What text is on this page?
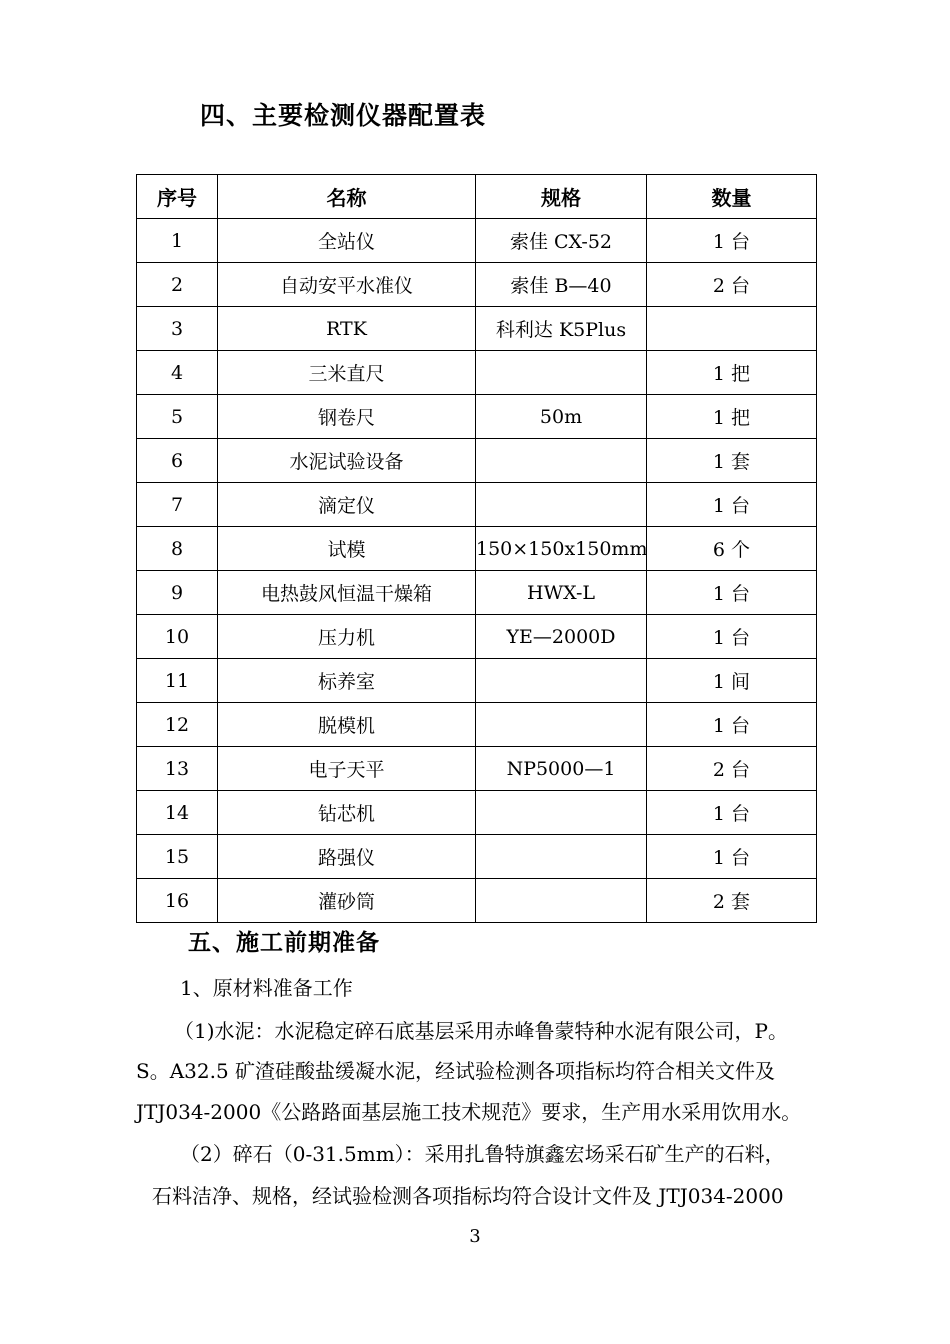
四、主要检测仪器配置表
序号	名称	规格	数量
1	全站仪	索佳 CX-52	1 台
2	自动安平水准仪	索佳 B—40	2 台
3	RTK	科利达 K5Plus	
4	三米直尺		1 把
5	钢卷尺	50m	1 把
6	水泥试验设备		1 套
7	滴定仪		1 台
8	试模	150×150x150mm	6 个
9	电热鼓风恒温干燥箱	HWX-L	1 台
10	压力机	YE—2000D	1 台
11	标养室		1 间
12	脱模机		1 台
13	电子天平	NP5000—1	2 台
14	钻芯机		1 台
15	路强仪		1 台
16	灌砂筒		2 套
五、施工前期准备
1、原材料准备工作
（1)水泥：水泥稳定碎石底基层采用赤峰鲁蒙特种水泥有限公司，P。
S。A32.5 矿渣硅酸盐缓凝水泥，经试验检测各项指标均符合相关文件及
JTJ034-2000《公路路面基层施工技术规范》要求，生产用水采用饮用水。
（2）碎石（0-31.5mm）：采用扎鲁特旗鑫宏场采石矿生产的石料，
石料洁净、规格，经试验检测各项指标均符合设计文件及 JTJ034-2000
3
